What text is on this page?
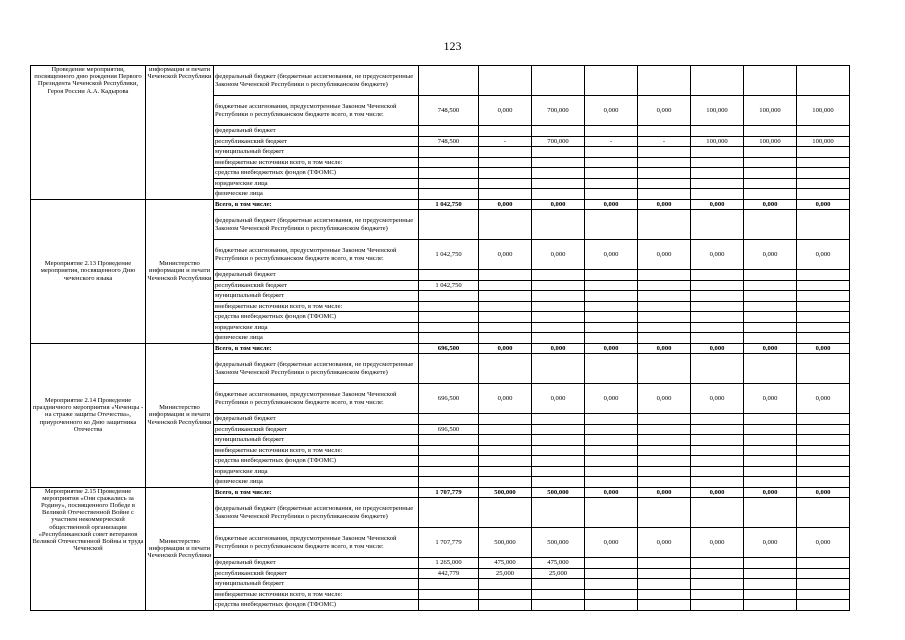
123
Проведение мероприятия, посвященного дню рождения Первого Президента Чеченской Республики, Героя России А.А. Кадырова	информации и печати Чеченской Республики	федеральный бюджет (бюджетные ассигнования, не предусмотренные Законом Чеченской Республики о республиканском бюджете)								
		бюджетные ассигнования, предусмотренные Законом Чеченской Республики о республиканском бюджете всего, в том числе:	748,500	0,000	700,000	0,000	0,000	100,000	100,000	100,000
		федеральный бюджет								
		республиканский бюджет	748,500	-	700,000	-	-	100,000	100,000	100,000
		муниципальный бюджет								
		внебюджетные источники всего, в том числе:								
		средства внебюджетных фондов (ТФОМС)								
		юридические лица								
		физические лица								
Мероприятие 2.13 Проведение мероприятия, посвященного Дню чеченского языка	Министерство информации и печати Чеченской Республики	Всего, в том числе:	1 042,750	0,000	0,000	0,000	0,000	0,000	0,000	0,000
		федеральный бюджет (бюджетные ассигнования, не предусмотренные Законом Чеченской Республики о республиканском бюджете)								
		бюджетные ассигнования, предусмотренные Законом Чеченской Республики о республиканском бюджете всего, в том числе:	1 042,750	0,000	0,000	0,000	0,000	0,000	0,000	0,000
		федеральный бюджет								
		республиканский бюджет	1 042,750							
		муниципальный бюджет								
		внебюджетные источники всего, в том числе:								
		средства внебюджетных фондов (ТФОМС)								
		юридические лица								
		физические лица								
Мероприятие 2.14 Проведение праздничного мероприятия «Чеченцы - на страже защиты Отечества», приуроченного ко Дню защитника Отечества	Министерство информации и печати Чеченской Республики	Всего, в том числе:	696,500	0,000	0,000	0,000	0,000	0,000	0,000	0,000
		федеральный бюджет (бюджетные ассигнования, не предусмотренные Законом Чеченской Республики о республиканском бюджете)								
		бюджетные ассигнования, предусмотренные Законом Чеченской Республики о республиканском бюджете всего, в том числе:	696,500	0,000	0,000	0,000	0,000	0,000	0,000	0,000
		федеральный бюджет								
		республиканский бюджет	696,500							
		муниципальный бюджет								
		внебюджетные источники всего, в том числе:								
		средства внебюджетных фондов (ТФОМС)								
		юридические лица								
		физические лица								
Мероприятие 2.15 Проведение мероприятия «Они сражались за Родину», посвященного Победе в Великой Отечественной Войне с участием некоммерческой общественной организации «Республиканский совет ветеранов Великой Отечественной Войны и труда Чеченской	Министерство информации и печати Чеченской Республики	Всего, в том числе:	1 707,779	500,000	500,000	0,000	0,000	0,000	0,000	0,000
		федеральный бюджет (бюджетные ассигнования, не предусмотренные Законом Чеченской Республики о республиканском бюджете)								
		бюджетные ассигнования, предусмотренные Законом Чеченской Республики о республиканском бюджете всего, в том числе:	1 707,779	500,000	500,000	0,000	0,000	0,000	0,000	0,000
		федеральный бюджет	1 265,000	475,000	475,000					
		республиканский бюджет	442,779	25,000	25,000					
		муниципальный бюджет								
		внебюджетные источники всего, в том числе:								
		средства внебюджетных фондов (ТФОМС)								
